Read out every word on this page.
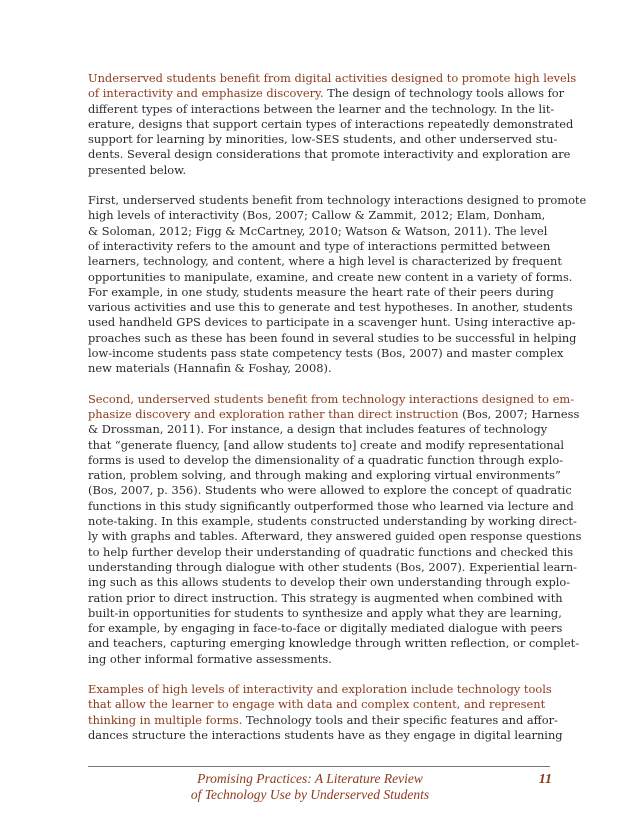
Underserved students benefit from digital activities designed to promote high levels
of interactivity and emphasize discovery. The design of technology tools allows for
different types of interactions between the learner and the technology. In the lit-
erature, designs that support certain types of interactions repeatedly demonstrated
support for learning by minorities, low-SES students, and other underserved stu-
dents. Several design considerations that promote interactivity and exploration are
presented below.

First, underserved students benefit from technology interactions designed to promote
high levels of interactivity (Bos, 2007; Callow & Zammit, 2012; Elam, Donham,
& Soloman, 2012; Figg & McCartney, 2010; Watson & Watson, 2011). The level
of interactivity refers to the amount and type of interactions permitted between
learners, technology, and content, where a high level is characterized by frequent
opportunities to manipulate, examine, and create new content in a variety of forms.
For example, in one study, students measure the heart rate of their peers during
various activities and use this to generate and test hypotheses. In another, students
used handheld GPS devices to participate in a scavenger hunt. Using interactive ap-
proaches such as these has been found in several studies to be successful in helping
low-income students pass state competency tests (Bos, 2007) and master complex
new materials (Hannafin & Foshay, 2008).

Second, underserved students benefit from technology interactions designed to em-
phasize discovery and exploration rather than direct instruction (Bos, 2007; Harness
& Drossman, 2011). For instance, a design that includes features of technology
that “generate fluency, [and allow students to] create and modify representational
forms is used to develop the dimensionality of a quadratic function through explo-
ration, problem solving, and through making and exploring virtual environments”
(Bos, 2007, p. 356). Students who were allowed to explore the concept of quadratic
functions in this study significantly outperformed those who learned via lecture and
note-taking. In this example, students constructed understanding by working direct-
ly with graphs and tables. Afterward, they answered guided open response questions
to help further develop their understanding of quadratic functions and checked this
understanding through dialogue with other students (Bos, 2007). Experiential learn-
ing such as this allows students to develop their own understanding through explo-
ration prior to direct instruction. This strategy is augmented when combined with
built-in opportunities for students to synthesize and apply what they are learning,
for example, by engaging in face-to-face or digitally mediated dialogue with peers
and teachers, capturing emerging knowledge through written reflection, or complet-
ing other informal formative assessments.

Examples of high levels of interactivity and exploration include technology tools
that allow the learner to engage with data and complex content, and represent
thinking in multiple forms. Technology tools and their specific features and affor-
dances structure the interactions students have as they engage in digital learning

Promising Practices: A Literature Review
of Technology Use by Underserved Students
11
